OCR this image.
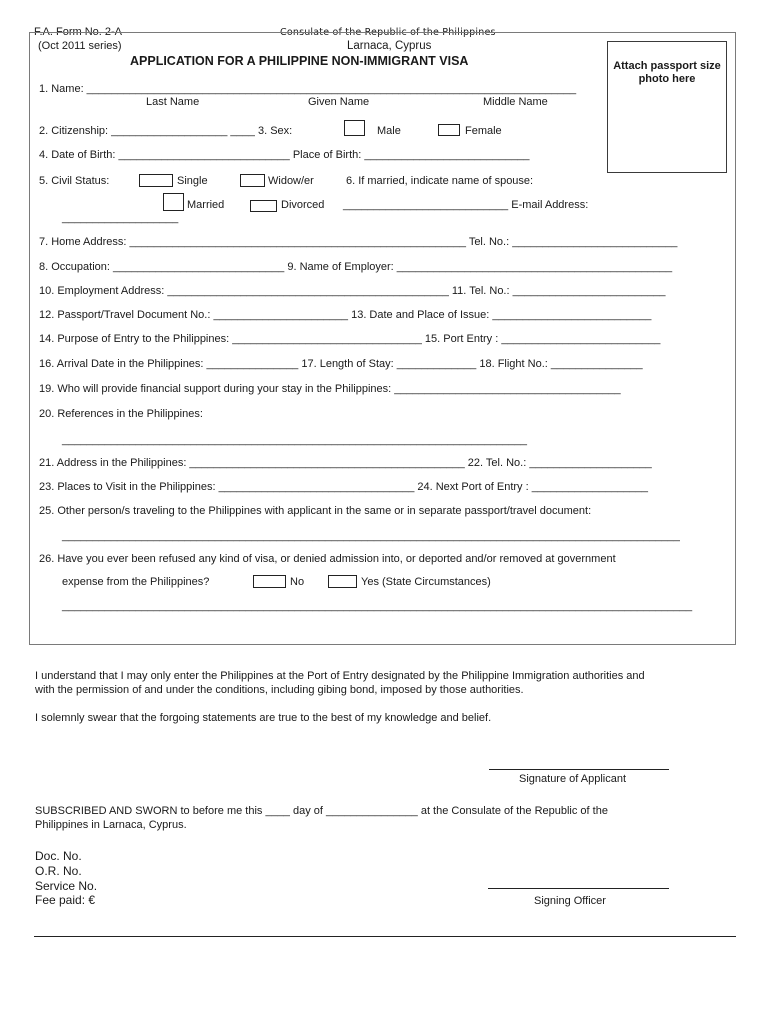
F.A. Form No. 2-A
(Oct 2011 series)
Consulate of the Republic of the Philippines
Larnaca, Cyprus
APPLICATION FOR A PHILIPPINE NON-IMMIGRANT VISA	Attach passport size photo here
1. Name: ________________________________________________________________________________
Last Name	Given Name	Middle Name
2. Citizenship: ___________________ ____ 3. Sex:	Male	Female
4. Date of Birth: ____________________________ Place of Birth: ___________________________
5. Civil Status:	Single	Widow/er	6. If married, indicate name of spouse:
Married	Divorced ___________________________ E-mail Address:
___________________
7. Home Address: _______________________________________________________ Tel. No.: ___________________________
8. Occupation: ____________________________ 9. Name of Employer: _____________________________________________
10. Employment Address: ______________________________________________ 11. Tel. No.: _________________________
12. Passport/Travel Document No.: ______________________ 13. Date and Place of Issue: __________________________
14. Purpose of Entry to the Philippines: _______________________________ 15. Port Entry : __________________________
16. Arrival Date in the Philippines: _______________ 17. Length of Stay: _____________ 18. Flight No.: _______________
19. Who will provide financial support during your stay in the Philippines: _____________________________________
20. References in the Philippines:
____________________________________________________________________________
21. Address in the Philippines: _____________________________________________ 22. Tel. No.: ____________________
23. Places to Visit in the Philippines: ________________________________ 24. Next Port of Entry : ___________________
25. Other person/s traveling to the Philippines with applicant in the same or in separate passport/travel document:
_____________________________________________________________________________________________________
26. Have you ever been refused any kind of visa, or denied admission into, or deported and/or removed at government
expense from the Philippines?	No	Yes (State Circumstances)
_______________________________________________________________________________________________________
I understand that I may only enter the Philippines at the Port of Entry designated by the Philippine Immigration authorities and
with the permission of and under the conditions, including gibing bond, imposed by those authorities.
I solemnly swear that the forgoing statements are true to the best of my knowledge and belief.
Signature of Applicant
SUBSCRIBED AND SWORN to before me this ____ day of _______________ at the Consulate of the Republic of the
Philippines in Larnaca, Cyprus.
Doc. No.
O.R. No.
Service No.
Fee paid: €	Signing Officer
